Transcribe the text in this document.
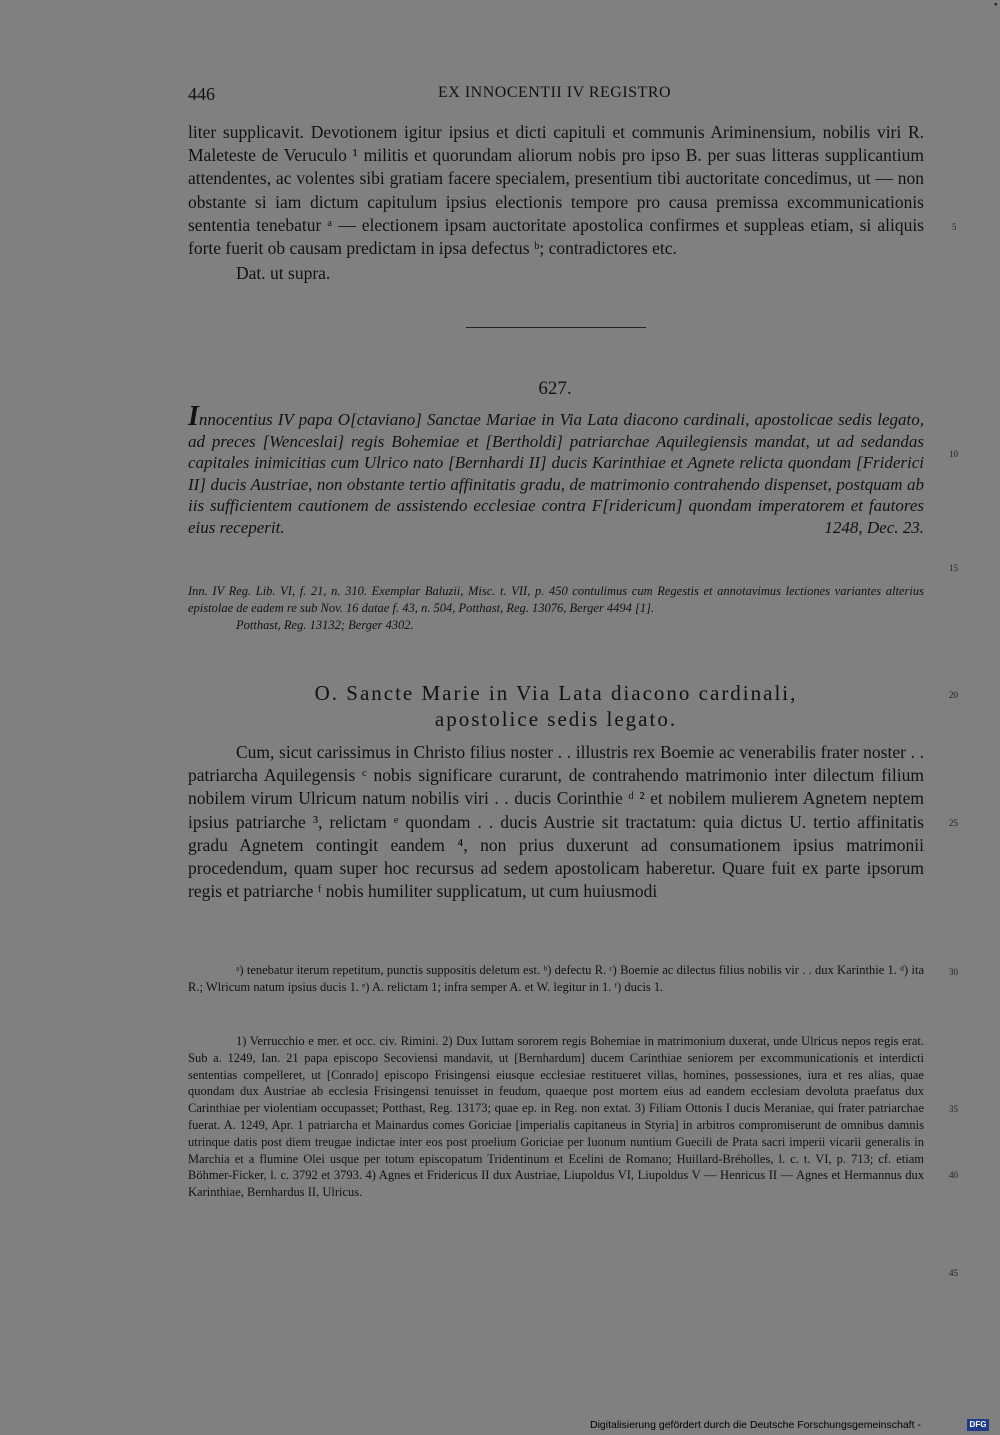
•
446	EX INNOCENTII IV REGISTRO

liter supplicavit. Devotionem igitur ipsius et dicti capituli et communis Ariminensium, nobilis viri R. Maleteste de Veruculo ¹ militis et quorundam aliorum nobis pro ipso B. per suas litteras supplicantium attendentes, ac volentes sibi gratiam facere specialem, presentium tibi auctoritate concedimus, ut — non obstante si iam dictum capitulum ipsius electionis tempore pro causa premissa excommunicationis sententia tenebatur ᵃ — electionem ipsam auctoritate apostolica confirmes et suppleas etiam, si aliquis forte fuerit ob causam predictam in ipsa defectus ᵇ; contradictores etc.

Dat. ut supra.

627.
Innocentius IV papa O[ctaviano] Sanctae Mariae in Via Lata diacono cardinali, apostolicae sedis legato, ad preces [Wenceslai] regis Bohemiae et [Bertholdi] patriarchae Aquilegiensis mandat, ut ad sedandas capitales inimicitias cum Ulrico nato [Bernhardi II] ducis Karinthiae et Agnete relicta quondam [Friderici II] ducis Austriae, non obstante tertio affinitatis gradu, de matrimonio contrahendo dispenset, postquam ab iis sufficientem cautionem de assistendo ecclesiae contra F[ridericum] quondam imperatorem et fautores eius receperit.	1248, Dec. 23.

Inn. IV Reg. Lib. VI, f. 21, n. 310. Exemplar Baluzii, Misc. t. VII, p. 450 contulimus cum Regestis et annotavimus lectiones variantes alterius epistolae de eadem re sub Nov. 16 datae f. 43, n. 504, Potthast, Reg. 13076, Berger 4494 [1].

Potthast, Reg. 13132; Berger 4302.

O. Sancte Marie in Via Lata diacono cardinali,
apostolice sedis legato.
Cum, sicut carissimus in Christo filius noster . . illustris rex Boemie ac venerabilis frater noster . . patriarcha Aquilegensis ᶜ nobis significare curarunt, de contrahendo matrimonio inter dilectum filium nobilem virum Ulricum natum nobilis viri . . ducis Corinthie ᵈ ² et nobilem mulierem Agnetem neptem ipsius patriarche ³, relictam ᵉ quondam . . ducis Austrie sit tractatum: quia dictus U. tertio affinitatis gradu Agnetem contingit eandem ⁴, non prius duxerunt ad consumationem ipsius matrimonii procedendum, quam super hoc recursus ad sedem apostolicam haberetur. Quare fuit ex parte ipsorum regis et patriarche ᶠ nobis humiliter supplicatum, ut cum huiusmodi
ᵃ) tenebatur iterum repetitum, punctis suppositis deletum est. ᵇ) defectu R. ᶜ) Boemie ac dilectus filius nobilis vir . . dux Karinthie 1. ᵈ) ita R.; Wlricum natum ipsius ducis 1. ᵉ) A. relictam 1; infra semper A. et W. legitur in 1. ᶠ) ducis 1.
1) Verrucchio e mer. et occ. civ. Rimini. 2) Dux Iuttam sororem regis Bohemiae in matrimonium duxerat, unde Ulricus nepos regis erat. Sub a. 1249, Ian. 21 papa episcopo Secoviensi mandavit, ut [Bernhardum] ducem Carinthiae seniorem per excommunicationis et interdicti sententias compelleret, ut [Conrado] episcopo Frisingensi eiusque ecclesiae restitueret villas, homines, possessiones, iura et res alias, quae quondam dux Austriae ab ecclesia Frisingensi tenuisset in feudum, quaeque post mortem eius ad eandem ecclesiam devoluta praefatus dux Carinthiae per violentiam occupasset; Potthast, Reg. 13173; quae ep. in Reg. non extat. 3) Filiam Ottonis I ducis Meraniae, qui frater patriarchae fuerat. A. 1249, Apr. 1 patriarcha et Mainardus comes Goriciae [imperialis capitaneus in Styria] in arbitros compromiserunt de omnibus damnis utrinque datis post diem treugae indictae inter eos post proelium Goriciae per Iuonum nuntium Guecili de Prata sacri imperii vicarii generalis in Marchia et a flumine Olei usque per totum episcopatum Tridentinum et Ecelini de Romano; Huillard-Bréholles, l. c. t. VI, p. 713; cf. etiam Böhmer-Ficker, l. c. 3792 et 3793. 4) Agnes et Fridericus II dux Austriae, Liupoldus VI, Liupoldus V — Henricus II — Agnes et Hermannus dux Karinthiae, Bernhardus II, Ulricus.
5
10
15
20
25
30
35
40
45
Digitalisierung gefördert durch die Deutsche Forschungsgemeinschaft -	DFG
